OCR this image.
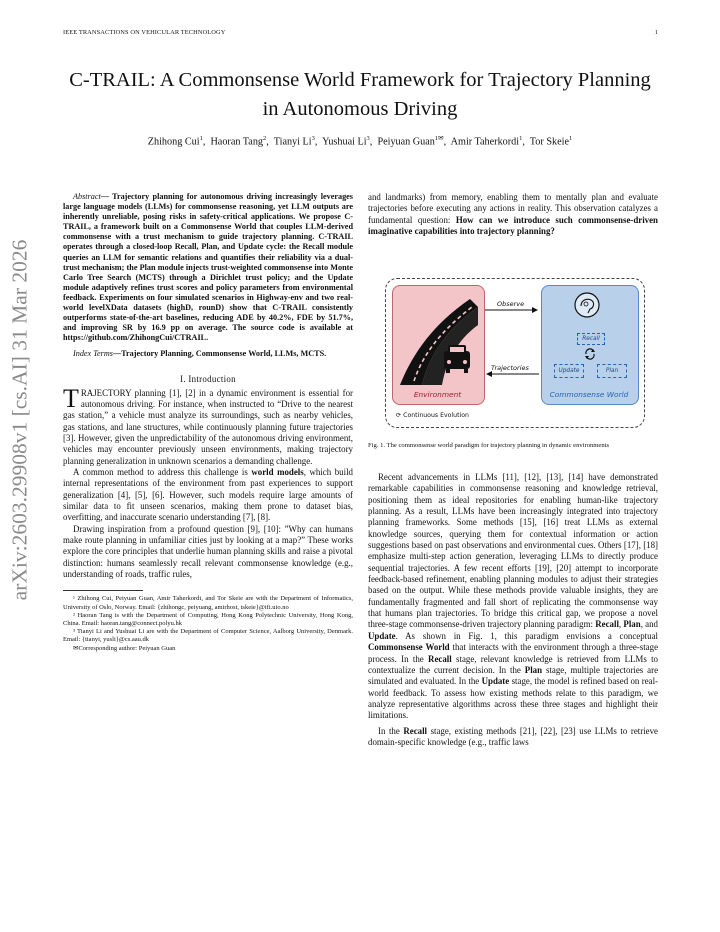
IEEE TRANSACTIONS ON VEHICULAR TECHNOLOGY	1
arXiv:2603.29908v1 [cs.AI] 31 Mar 2026
C-TRAIL: A Commonsense World Framework for Trajectory Planning in Autonomous Driving
Zhihong Cui$^1$,  Haoran Tang$^2$,  Tianyi Li$^3$,  Yushuai Li$^3$,  Peiyuan Guan$^{1✉}$,  Amir Taherkordi$^1$,  Tor Skeie$^1$

Abstract— Trajectory planning for autonomous driving increasingly leverages large language models (LLMs) for commonsense reasoning, yet LLM outputs are inherently unreliable, posing risks in safety-critical applications. We propose C-TRAIL, a framework built on a Commonsense World that couples LLM-derived commonsense with a trust mechanism to guide trajectory planning. C-TRAIL operates through a closed-loop Recall, Plan, and Update cycle: the Recall module queries an LLM for semantic relations and quantifies their reliability via a dual-trust mechanism; the Plan module injects trust-weighted commonsense into Monte Carlo Tree Search (MCTS) through a Dirichlet trust policy; and the Update module adaptively refines trust scores and policy parameters from environmental feedback. Experiments on four simulated scenarios in Highway-env and two real-world levelXData datasets (highD, rounD) show that C-TRAIL consistently outperforms state-of-the-art baselines, reducing ADE by 40.2%, FDE by 51.7%, and improving SR by 16.9 pp on average. The source code is available at https://github.com/ZhihongCui/CTRAIL.

Index Terms—Trajectory Planning, Commonsense World, LLMs, MCTS.

I. Introduction

TRAJECTORY planning [1], [2] in a dynamic environment is essential for autonomous driving. For instance, when instructed to “Drive to the nearest gas station,” a vehicle must analyze its surroundings, such as nearby vehicles, gas stations, and lane structures, while continuously planning future trajectories [3]. However, given the unpredictability of the autonomous driving environment, vehicles may encounter previously unseen environments, making trajectory planning generalization in unknown scenarios a demanding challenge.

A common method to address this challenge is world models, which build internal representations of the environment from past experiences to support generalization [4], [5], [6]. However, such models require large amounts of similar data to fit unseen scenarios, making them prone to dataset bias, overfitting, and inaccurate scenario understanding [7], [8].

Drawing inspiration from a profound question [9], [10]: ”Why can humans make route planning in unfamiliar cities just by looking at a map?” These works explore the core principles that underlie human planning skills and raise a pivotal distinction: humans seamlessly recall relevant commonsense knowledge (e.g., understanding of roads, traffic rules,

¹ Zhihong Cui, Peiyuan Guan, Amir Taherkordi, and Tor Skeie are with the Department of Informatics, University of Oslo, Norway. Email: {zhihongc, peiyuang, amirhost, tskeie}@ifi.uio.no

² Haoran Tang is with the Department of Computing, Hong Kong Polytechnic University, Hong Kong, China. Email: haoran.tang@connect.polyu.hk

³ Tianyi Li and Yushuai Li are with the Department of Computer Science, Aalborg University, Denmark. Email: {tianyi, yusli}@cs.aau.dk

✉Corresponding author: Peiyuan Guan

and landmarks) from memory, enabling them to mentally plan and evaluate trajectories before executing any actions in reality. This observation catalyzes a fundamental question: How can we introduce such commonsense-driven imaginative capabilities into trajectory planning?

Environment
Recall
Update	Plan
Commonsense World
Observe
Trajectories
⟳ Continuous Evolution
Fig. 1. The commonsense world paradigm for trajectory planning in dynamic environments

Recent advancements in LLMs [11], [12], [13], [14] have demonstrated remarkable capabilities in commonsense reasoning and knowledge retrieval, positioning them as ideal repositories for enabling human-like trajectory planning. As a result, LLMs have been increasingly integrated into trajectory planning frameworks. Some methods [15], [16] treat LLMs as external knowledge sources, querying them for contextual information or action suggestions based on past observations and environmental cues. Others [17], [18] emphasize multi-step action generation, leveraging LLMs to directly produce sequential trajectories. A few recent efforts [19], [20] attempt to incorporate feedback-based refinement, enabling planning modules to adjust their strategies based on the output. While these methods provide valuable insights, they are fundamentally fragmented and fall short of replicating the commonsense way that humans plan trajectories. To bridge this critical gap, we propose a novel three-stage commonsense-driven trajectory planning paradigm: Recall, Plan, and Update. As shown in Fig. 1, this paradigm envisions a conceptual Commonsense World that interacts with the environment through a three-stage process. In the Recall stage, relevant knowledge is retrieved from LLMs to contextualize the current decision. In the Plan stage, multiple trajectories are simulated and evaluated. In the Update stage, the model is refined based on real-world feedback. To assess how existing methods relate to this paradigm, we analyze representative algorithms across these three stages and highlight their limitations.

In the Recall stage, existing methods [21], [22], [23] use LLMs to retrieve domain-specific knowledge (e.g., traffic laws
